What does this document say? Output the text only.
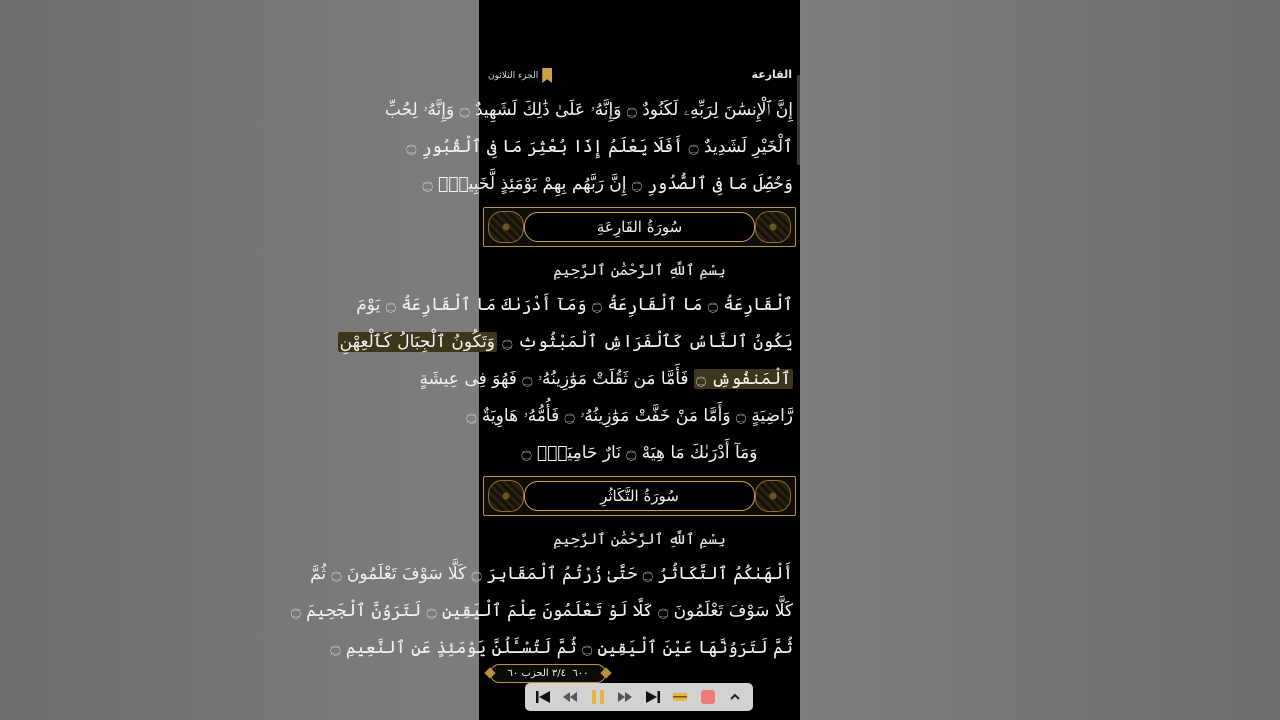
القارعة
الجزء الثلاثون
إِنَّ ٱلْإِنسَٰنَ لِرَبِّهِۦ لَكَنُودٌ ۝ وَإِنَّهُۥ عَلَىٰ ذَٰلِكَ لَشَهِيدٌ ۝ وَإِنَّهُۥ لِحُبِّ
ٱلْخَيْرِ لَشَدِيدٌ ۝ أَفَلَا يَعْلَمُ إِذَا بُعْثِرَ مَا فِى ٱلْقُبُورِ ۝
وَحُصِّلَ مَا فِى ٱلصُّدُورِ ۝ إِنَّ رَبَّهُم بِهِمْ يَوْمَئِذٍ لَّخَبِيرٌۢ ۝
سُورَةُ القَارِعَةِ
بِسْمِ ٱللَّهِ ٱلرَّحْمَٰنِ ٱلرَّحِيمِ
ٱلْقَارِعَةُ ۝ مَا ٱلْقَارِعَةُ ۝ وَمَآ أَدْرَىٰكَ مَا ٱلْقَارِعَةُ ۝ يَوْمَ
يَكُونُ ٱلنَّاسُ كَٱلْفَرَاشِ ٱلْمَبْثُوثِ ۝ وَتَكُونُ ٱلْجِبَالُ كَٱلْعِهْنِ
ٱلْمَنفُوشِ ۝ فَأَمَّا مَن ثَقُلَتْ مَوَٰزِينُهُۥ ۝ فَهُوَ فِى عِيشَةٍ
رَّاضِيَةٍ ۝ وَأَمَّا مَنْ خَفَّتْ مَوَٰزِينُهُۥ ۝ فَأُمُّهُۥ هَاوِيَةٌ ۝
وَمَآ أَدْرَىٰكَ مَا هِيَهْ ۝ نَارٌ حَامِيَةٌۢ ۝
سُورَةُ التَّكَاثُرِ
بِسْمِ ٱللَّهِ ٱلرَّحْمَٰنِ ٱلرَّحِيمِ
أَلْهَىٰكُمُ ٱلتَّكَاثُرُ ۝ حَتَّىٰ زُرْتُمُ ٱلْمَقَابِرَ ۝ كَلَّا سَوْفَ تَعْلَمُونَ ۝ ثُمَّ
كَلَّا سَوْفَ تَعْلَمُونَ ۝ كَلَّا لَوْ تَعْلَمُونَ عِلْمَ ٱلْيَقِينِ ۝ لَتَرَوُنَّ ٱلْجَحِيمَ ۝
ثُمَّ لَتَرَوُنَّهَا عَيْنَ ٱلْيَقِينِ ۝ ثُمَّ لَتُسْـَٔلُنَّ يَوْمَئِذٍ عَنِ ٱلنَّعِيمِ ۝
٦٠٠

٣/٤

الحزب

٦٠
